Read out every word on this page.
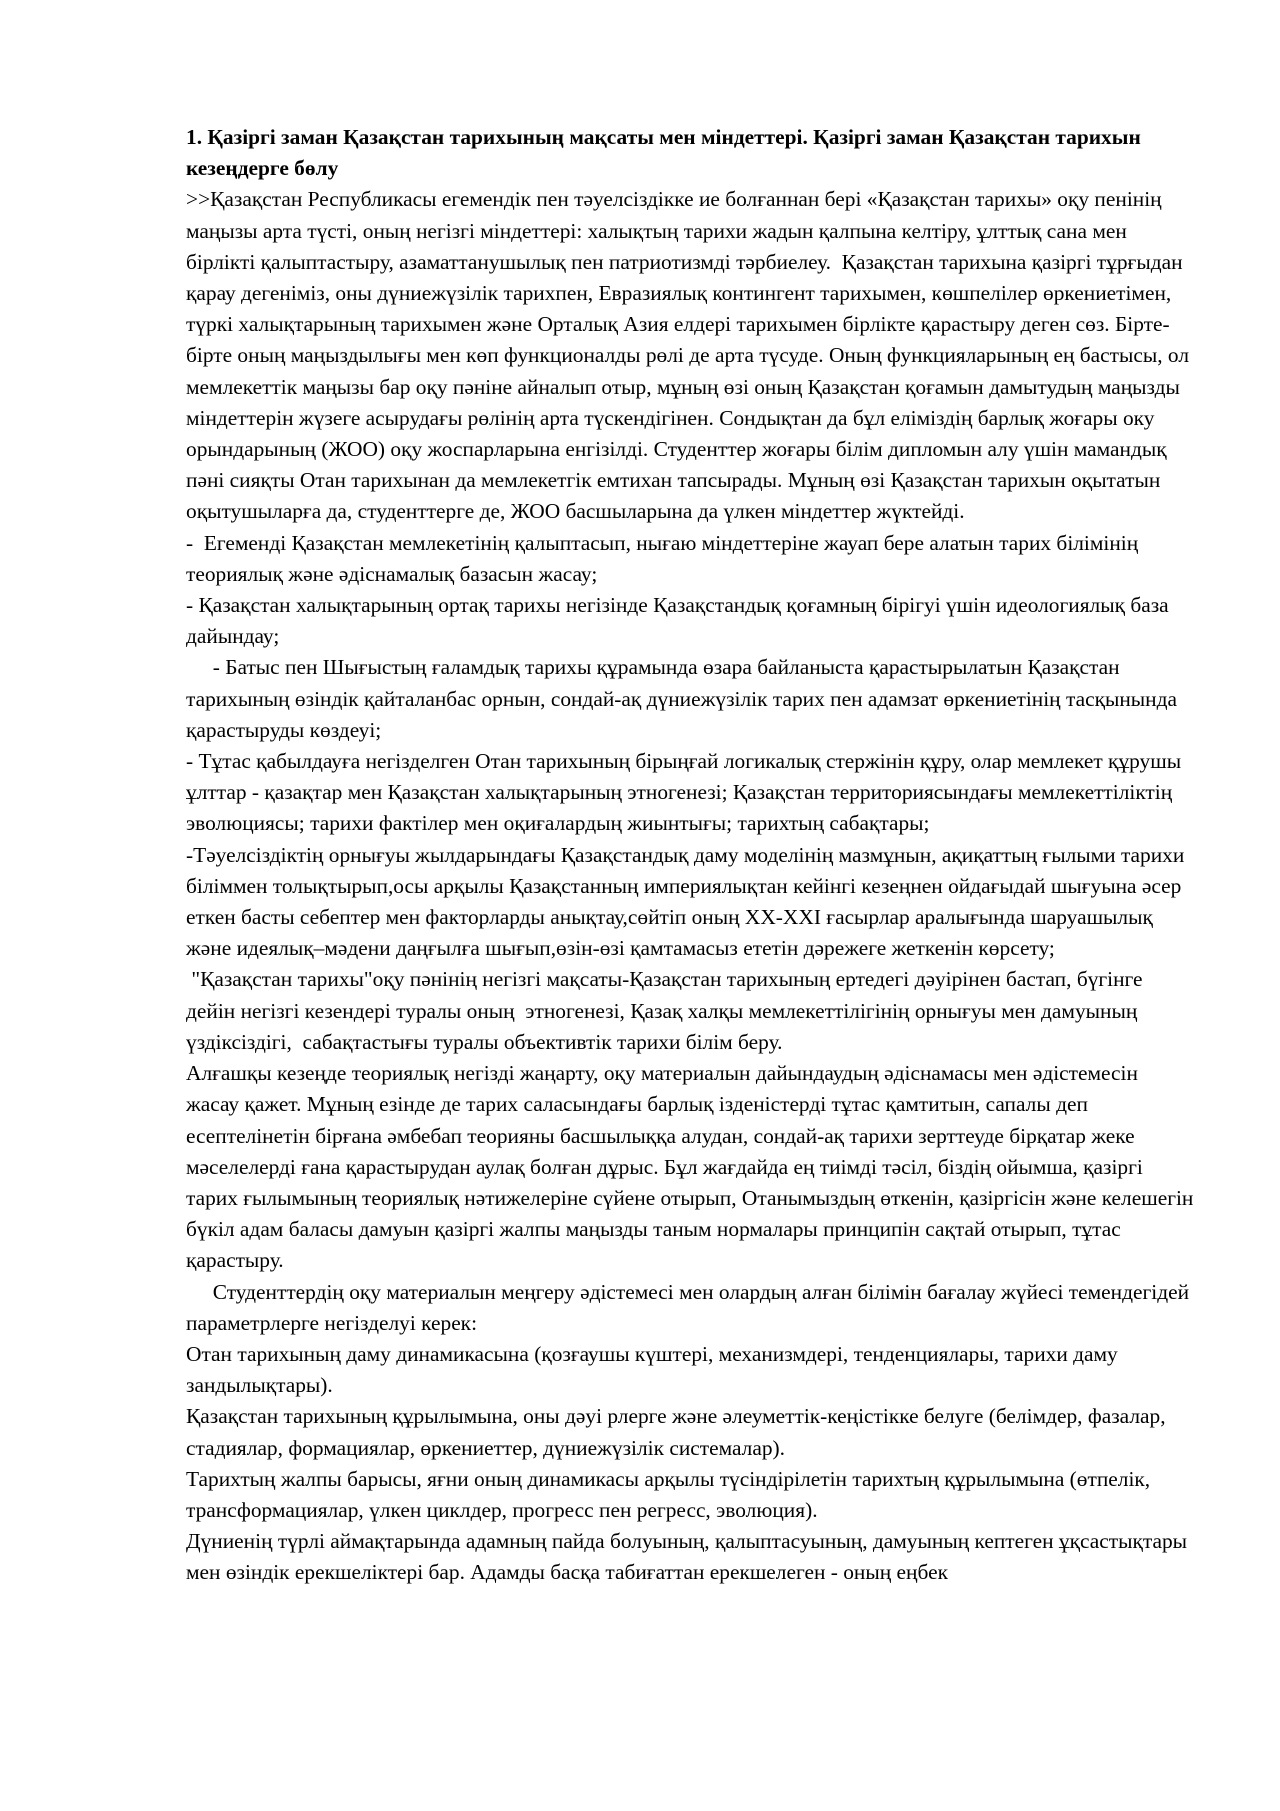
1. Қазіргі заман Қазақстан тарихының мақсаты мен міндеттері. Қазіргі заман Қазақстан тарихын кезеңдерге бөлу

>>Қазақстан Республикасы егемендік пен тәуелсіздікке ие болғаннан бері «Қазақстан тарихы» оқу пенінің маңызы арта түсті, оның негізгі міндеттері: халықтың тарихи жадын қалпына келтіру, ұлттық сана мен бірлікті қалыптастыру, азаматтанушылық пен патриотизмді тәрбиелеу.  Қазақстан тарихына қазіргі тұрғыдан қарау дегеніміз, оны дүниежүзілік тарихпен, Евразиялық контингент тарихымен, көшпелілер өркениетімен, түркі халықтарының тарихымен және Орталық Азия елдері тарихымен бірлікте қарастыру деген сөз. Бірте-бірте оның маңыздылығы мен көп функционалды рөлі де арта түсуде. Оның функцияларының ең бастысы, ол мемлекеттік маңызы бар оқу пәніне айналып отыр, мұның өзі оның Қазақстан қоғамын дамытудың маңызды міндеттерін жүзеге асырудағы рөлінің арта түскендігінен. Сондықтан да бұл еліміздің барлық жоғары оку орындарының (ЖОО) оқу жоспарларына енгізілді. Студенттер жоғары білім дипломын алу үшін мамандық пәні сияқты Отан тарихынан да мемлекетгік емтихан тапсырады. Мұның өзі Қазақстан тарихын оқытатын оқытушыларға да, студенттерге де, ЖОО басшыларына да үлкен міндеттер жүктейді.                                                  -  Егеменді Қазақстан мемлекетінің қалыптасып, нығаю міндеттеріне жауап бере алатын тарих білімінің теориялық және әдіснамалық базасын жасау;

- Қазақстан халықтарының ортақ тарихы негізінде Қазақстандық қоғамның бірігуі үшін идеологиялық база дайындау;

- Батыс пен Шығыстың ғаламдық тарихы құрамында өзара байланыста қарастырылатын Қазақстан тарихының өзіндік қайталанбас орнын, сондай-ақ дүниежүзілік тарих пен адамзат өркениетінің тасқынында қарастыруды көздеуі;

- Тұтас қабылдауға негізделген Отан тарихының бірыңғай логикалық стержінін құру, олар мемлекет құрушы ұлттар - қазақтар мен Қазақстан халықтарының этногенезі; Қазақстан территориясындағы мемлекеттіліктің эволюциясы; тарихи фактілер мен оқиғалардың жиынтығы; тарихтың сабақтары;                                      -Тәуелсіздіктің орнығуы жылдарындағы Қазақстандық даму моделінің мазмұнын, ақиқаттың ғылыми тарихи біліммен толықтырып,осы арқылы Қазақстанның империялықтан кейінгі кезеңнен ойдағыдай шығуына әсер еткен басты себептер мен факторларды анықтау,сөйтіп оның XX-XXI ғасырлар аралығында шаруашылық және идеялық–мәдени даңғылға шығып,өзін-өзі қамтамасыз ететін дәрежеге жеткенін көрсету;

"Қазақстан тарихы"оқу пәнінің негізгі мақсаты-Қазақстан тарихының ертедегі дәуірінен бастап, бүгінге дейін негізгі кезендері туралы оның  этногенезі, Қазақ халқы мемлекеттілігінің орнығуы мен дамуының үздіксіздігі,  сабақтастығы туралы объективтік тарихи білім беру.

Алғашқы кезеңде теориялық негізді жаңарту, оқу материалын дайындаудың әдіснамасы мен әдістемесін жасау қажет. Мұның езінде де тарих саласындағы барлық ізденістерді тұтас қамтитын, сапалы деп есептелінетін бірғана әмбебап теорияны басшылыққа алудан, сондай-ақ тарихи зерттеуде бірқатар жеке мәселелерді ғана қарастырудан аулақ болған дұрыс. Бұл жағдайда ең тиімді тәсіл, біздің ойымша, қазіргі тарих ғылымының теориялық нәтижелеріне сүйене отырып, Отанымыздың өткенін, қазіргісін және келешегін бүкіл адам баласы дамуын қазіргі жалпы маңызды таным нормалары принципін сақтай отырып, тұтас қарастыру.

Студенттердің оқу материалын меңгеру әдістемесі мен олардың алған білімін бағалау жүйесі темендегідей параметрлерге негізделуі керек:

Отан тарихының даму динамикасына (қозғаушы күштері, механизмдері, тенденциялары, тарихи даму зандылықтары).

Қазақстан тарихының құрылымына, оны дәуі рлерге және әлеуметтік-кеңістікке белуге (белімдер, фазалар, стадиялар, формациялар, өркениеттер, дүниежүзілік системалар).

Тарихтың жалпы барысы, яғни оның динамикасы арқылы түсіндірілетін тарихтың құрылымына (өтпелік, трансформациялар, үлкен циклдер, прогресс пен регресс, эволюция).

Дүниенің түрлі аймақтарында адамның пайда болуының, қалыптасуының, дамуының кептеген ұқсастықтары мен өзіндік ерекшеліктері бар. Адамды басқа табиғаттан ерекшелеген - оның еңбек
